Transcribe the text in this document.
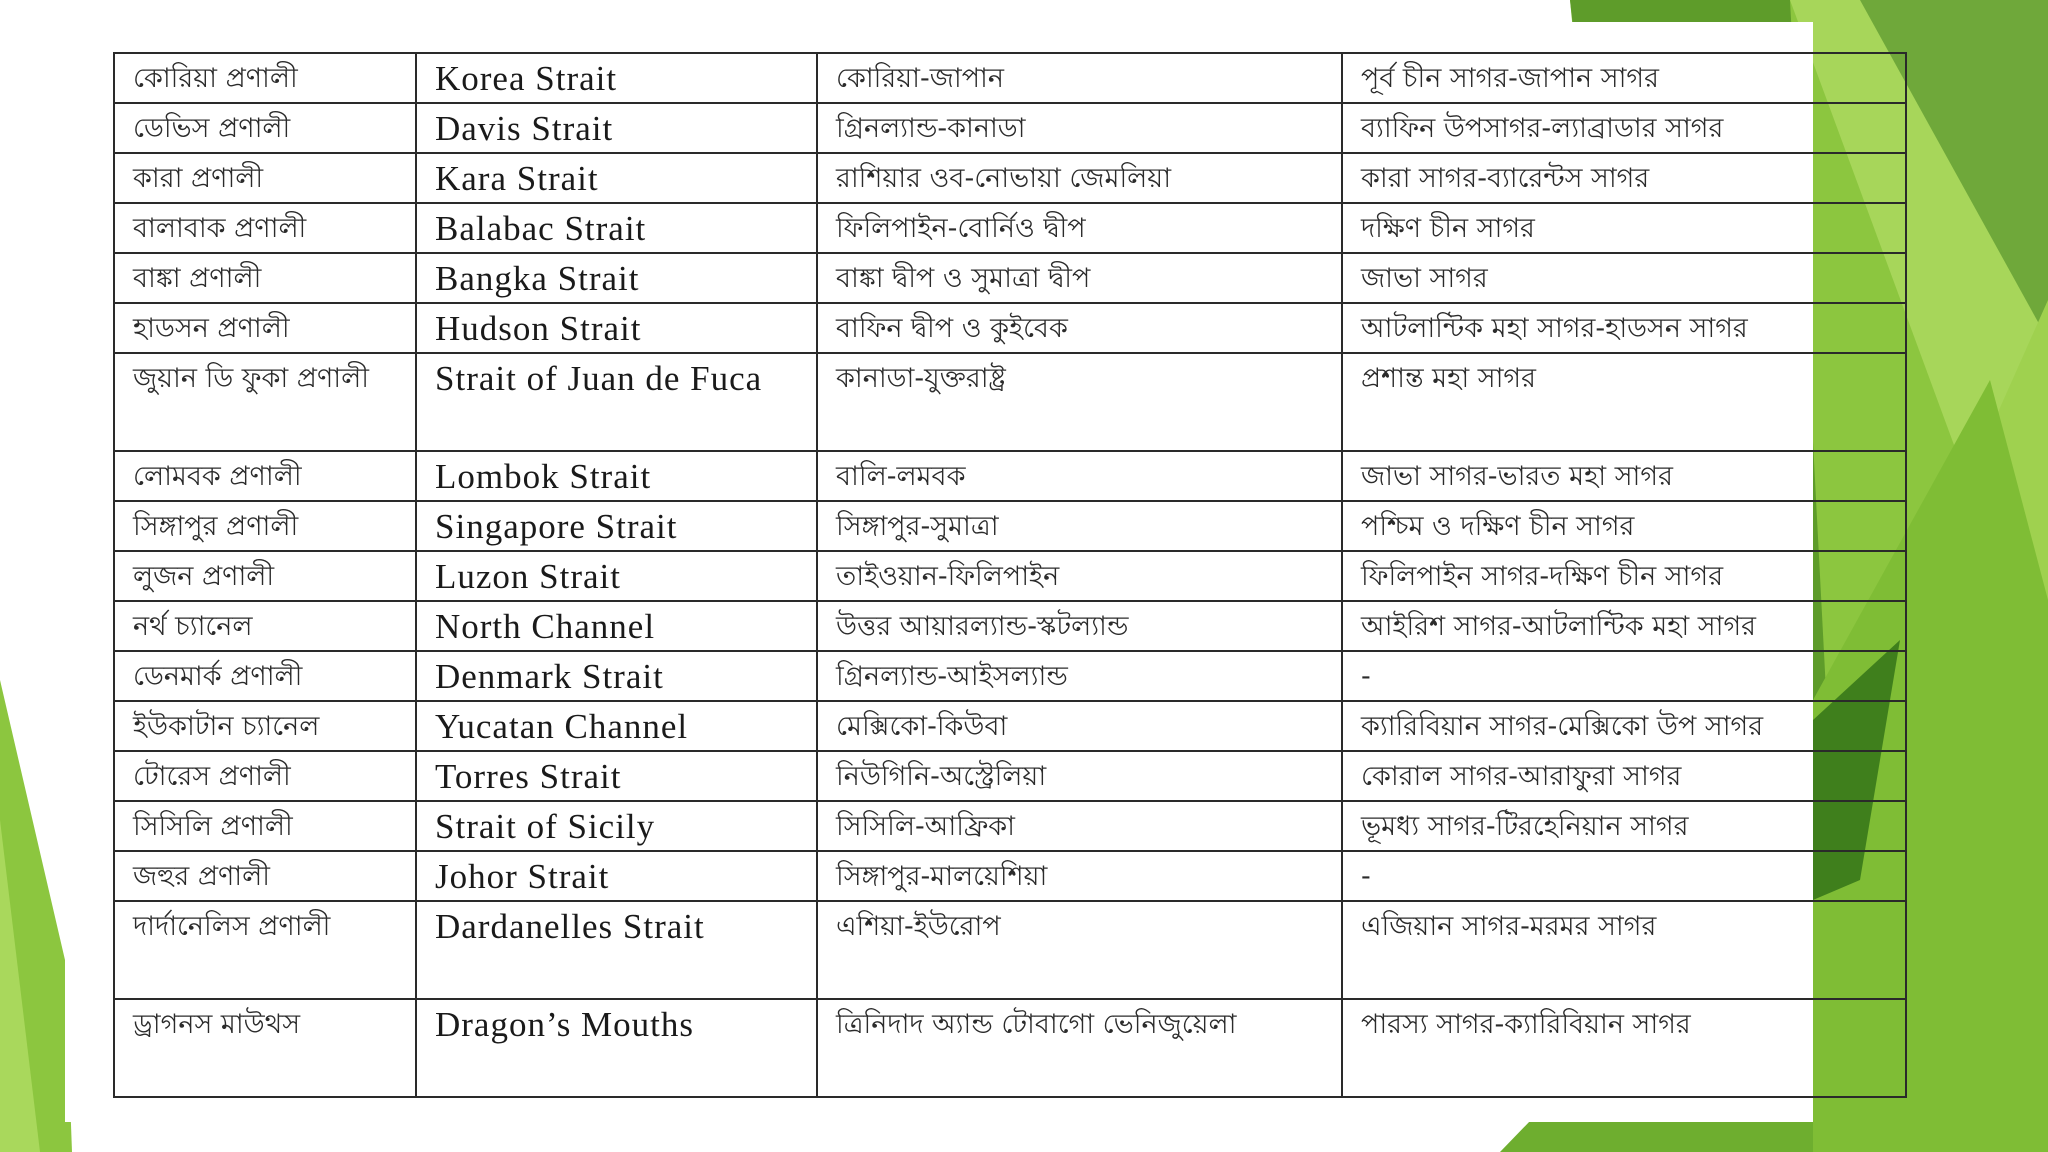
কোরিয়া প্রণালী	Korea Strait	কোরিয়া-জাপান	পূর্ব চীন সাগর-জাপান সাগর
ডেভিস প্রণালী	Davis Strait	গ্রিনল্যান্ড-কানাডা	ব্যাফিন উপসাগর-ল্যাব্রাডার সাগর
কারা প্রণালী	Kara Strait	রাশিয়ার ওব-নোভায়া জেমলিয়া	কারা সাগর-ব্যারেন্টস সাগর
বালাবাক প্রণালী	Balabac Strait	ফিলিপাইন-বোর্নিও দ্বীপ	দক্ষিণ চীন সাগর
বাঙ্কা প্রণালী	Bangka Strait	বাঙ্কা দ্বীপ ও সুমাত্রা দ্বীপ	জাভা সাগর
হাডসন প্রণালী	Hudson Strait	বাফিন দ্বীপ ও কুইবেক	আটলান্টিক মহা সাগর-হাডসন সাগর
জুয়ান ডি ফুকা প্রণালী	Strait of Juan de Fuca	কানাডা-যুক্তরাষ্ট্র	প্রশান্ত মহা সাগর
লোমবক প্রণালী	Lombok Strait	বালি-লমবক	জাভা সাগর-ভারত মহা সাগর
সিঙ্গাপুর প্রণালী	Singapore Strait	সিঙ্গাপুর-সুমাত্রা	পশ্চিম ও দক্ষিণ চীন সাগর
লুজন প্রণালী	Luzon Strait	তাইওয়ান-ফিলিপাইন	ফিলিপাইন সাগর-দক্ষিণ চীন সাগর
নর্থ চ্যানেল	North Channel	উত্তর আয়ারল্যান্ড-স্কটল্যান্ড	আইরিশ সাগর-আটলান্টিক মহা সাগর
ডেনমার্ক প্রণালী	Denmark Strait	গ্রিনল্যান্ড-আইসল্যান্ড	-
ইউকাটান চ্যানেল	Yucatan Channel	মেক্সিকো-কিউবা	ক্যারিবিয়ান সাগর-মেক্সিকো উপ সাগর
টোরেস প্রণালী	Torres Strait	নিউগিনি-অস্ট্রেলিয়া	কোরাল সাগর-আরাফুরা সাগর
সিসিলি প্রণালী	Strait of Sicily	সিসিলি-আফ্রিকা	ভূমধ্য সাগর-টিরহেনিয়ান সাগর
জহুর প্রণালী	Johor Strait	সিঙ্গাপুর-মালয়েশিয়া	-
দার্দানেলিস প্রণালী	Dardanelles Strait	এশিয়া-ইউরোপ	এজিয়ান সাগর-মরমর সাগর
ড্রাগনস মাউথস	Dragon’s Mouths	ত্রিনিদাদ অ্যান্ড টোবাগো ভেনিজুয়েলা	পারস্য সাগর-ক্যারিবিয়ান সাগর
